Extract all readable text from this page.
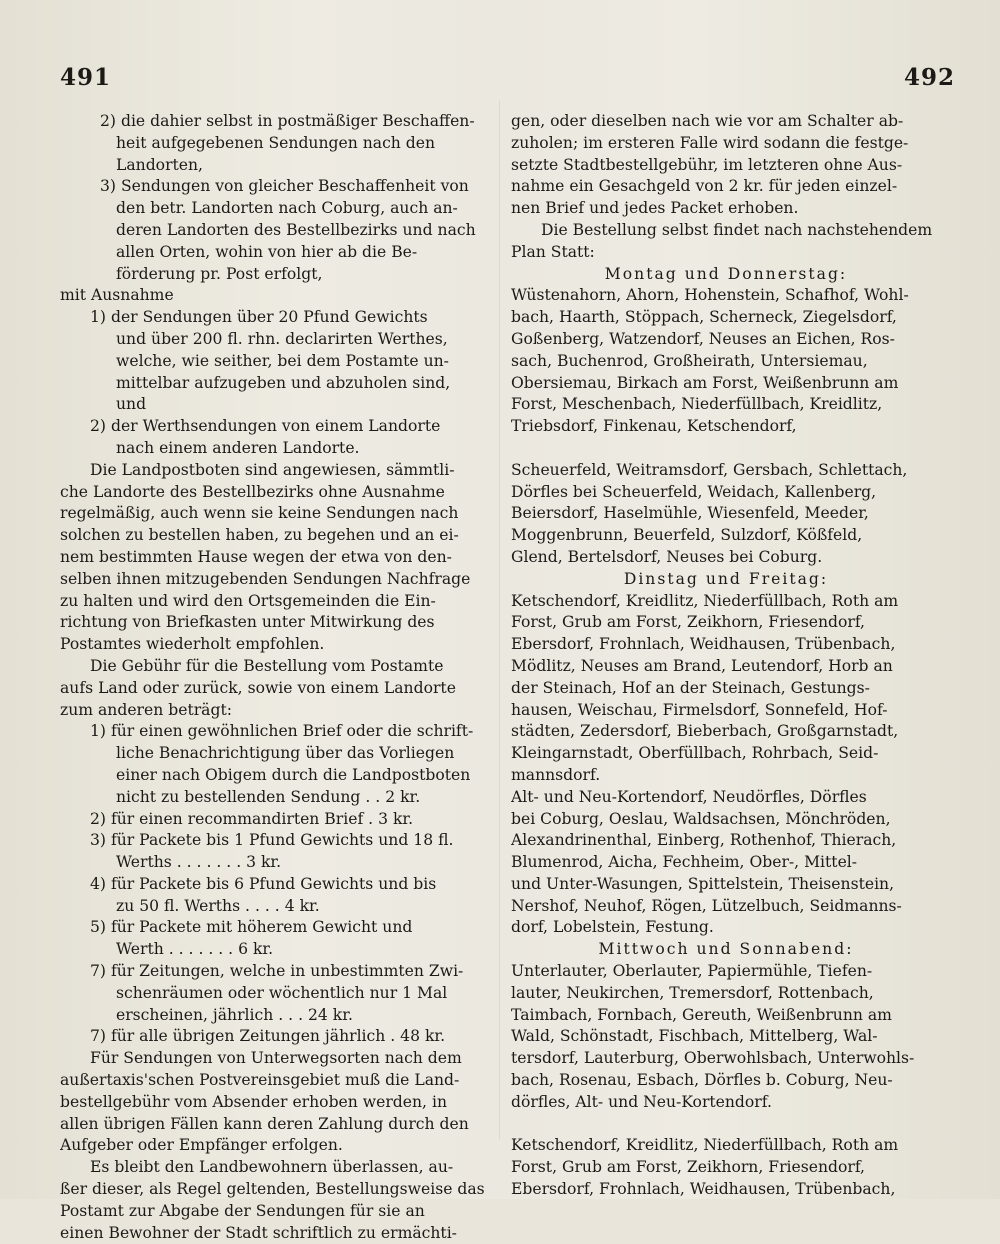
491	492
2) die dahier selbst in postmäßiger Beschaffen-
heit aufgegebenen Sendungen nach den
Landorten,
3) Sendungen von gleicher Beschaffenheit von
den betr. Landorten nach Coburg, auch an-
deren Landorten des Bestellbezirks und nach
allen Orten, wohin von hier ab die Be-
förderung pr. Post erfolgt,
mit Ausnahme
1) der Sendungen über 20 Pfund Gewichts
und über 200 fl. rhn. declarirten Werthes,
welche, wie seither, bei dem Postamte un-
mittelbar aufzugeben und abzuholen sind,
und
2) der Werthsendungen von einem Landorte
nach einem anderen Landorte.
Die Landpostboten sind angewiesen, sämmtli-
che Landorte des Bestellbezirks ohne Ausnahme
regelmäßig, auch wenn sie keine Sendungen nach
solchen zu bestellen haben, zu begehen und an ei-
nem bestimmten Hause wegen der etwa von den-
selben ihnen mitzugebenden Sendungen Nachfrage
zu halten und wird den Ortsgemeinden die Ein-
richtung von Briefkasten unter Mitwirkung des
Postamtes wiederholt empfohlen.
Die Gebühr für die Bestellung vom Postamte
aufs Land oder zurück, sowie von einem Landorte
zum anderen beträgt:
1) für einen gewöhnlichen Brief oder die schrift-
liche Benachrichtigung über das Vorliegen
einer nach Obigem durch die Landpostboten
nicht zu bestellenden Sendung . . 2 kr.
2) für einen recommandirten Brief . 3 kr.
3) für Packete bis 1 Pfund Gewichts und 18 fl.
Werths . . . . . . . 3 kr.
4) für Packete bis 6 Pfund Gewichts und bis
zu 50 fl. Werths . . . . 4 kr.
5) für Packete mit höherem Gewicht und
Werth . . . . . . . 6 kr.
7) für Zeitungen, welche in unbestimmten Zwi-
schenräumen oder wöchentlich nur 1 Mal
erscheinen, jährlich . . . 24 kr.
7) für alle übrigen Zeitungen jährlich . 48 kr.
Für Sendungen von Unterwegsorten nach dem
außertaxis'schen Postvereinsgebiet muß die Land-
bestellgebühr vom Absender erhoben werden, in
allen übrigen Fällen kann deren Zahlung durch den
Aufgeber oder Empfänger erfolgen.
Es bleibt den Landbewohnern überlassen, au-
ßer dieser, als Regel geltenden, Bestellungsweise das
Postamt zur Abgabe der Sendungen für sie an
einen Bewohner der Stadt schriftlich zu ermächti-
gen, oder dieselben nach wie vor am Schalter ab-
zuholen; im ersteren Falle wird sodann die festge-
setzte Stadtbestellgebühr, im letzteren ohne Aus-
nahme ein Gesachgeld von 2 kr. für jeden einzel-
nen Brief und jedes Packet erhoben.
Die Bestellung selbst findet nach nachstehendem
Plan Statt:
Montag und Donnerstag:
Wüstenahorn, Ahorn, Hohenstein, Schafhof, Wohl-
bach, Haarth, Stöppach, Scherneck, Ziegelsdorf,
Goßenberg, Watzendorf, Neuses an Eichen, Ros-
sach, Buchenrod, Großheirath, Untersiemau,
Obersiemau, Birkach am Forst, Weißenbrunn am
Forst, Meschenbach, Niederfüllbach, Kreidlitz,
Triebsdorf, Finkenau, Ketschendorf,
Scheuerfeld, Weitramsdorf, Gersbach, Schlettach,
Dörfles bei Scheuerfeld, Weidach, Kallenberg,
Beiersdorf, Haselmühle, Wiesenfeld, Meeder,
Moggenbrunn, Beuerfeld, Sulzdorf, Kößfeld,
Glend, Bertelsdorf, Neuses bei Coburg.
Dinstag und Freitag:
Ketschendorf, Kreidlitz, Niederfüllbach, Roth am
Forst, Grub am Forst, Zeikhorn, Friesendorf,
Ebersdorf, Frohnlach, Weidhausen, Trübenbach,
Mödlitz, Neuses am Brand, Leutendorf, Horb an
der Steinach, Hof an der Steinach, Gestungs-
hausen, Weischau, Firmelsdorf, Sonnefeld, Hof-
städten, Zedersdorf, Bieberbach, Großgarnstadt,
Kleingarnstadt, Oberfüllbach, Rohrbach, Seid-
mannsdorf.
Alt- und Neu-Kortendorf, Neudörfles, Dörfles
bei Coburg, Oeslau, Waldsachsen, Mönchröden,
Alexandrinenthal, Einberg, Rothenhof, Thierach,
Blumenrod, Aicha, Fechheim, Ober-, Mittel-
und Unter-Wasungen, Spittelstein, Theisenstein,
Nershof, Neuhof, Rögen, Lützelbuch, Seidmanns-
dorf, Lobelstein, Festung.
Mittwoch und Sonnabend:
Unterlauter, Oberlauter, Papiermühle, Tiefen-
lauter, Neukirchen, Tremersdorf, Rottenbach,
Taimbach, Fornbach, Gereuth, Weißenbrunn am
Wald, Schönstadt, Fischbach, Mittelberg, Wal-
tersdorf, Lauterburg, Oberwohlsbach, Unterwohls-
bach, Rosenau, Esbach, Dörfles b. Coburg, Neu-
dörfles, Alt- und Neu-Kortendorf.
Ketschendorf, Kreidlitz, Niederfüllbach, Roth am
Forst, Grub am Forst, Zeikhorn, Friesendorf,
Ebersdorf, Frohnlach, Weidhausen, Trübenbach,
